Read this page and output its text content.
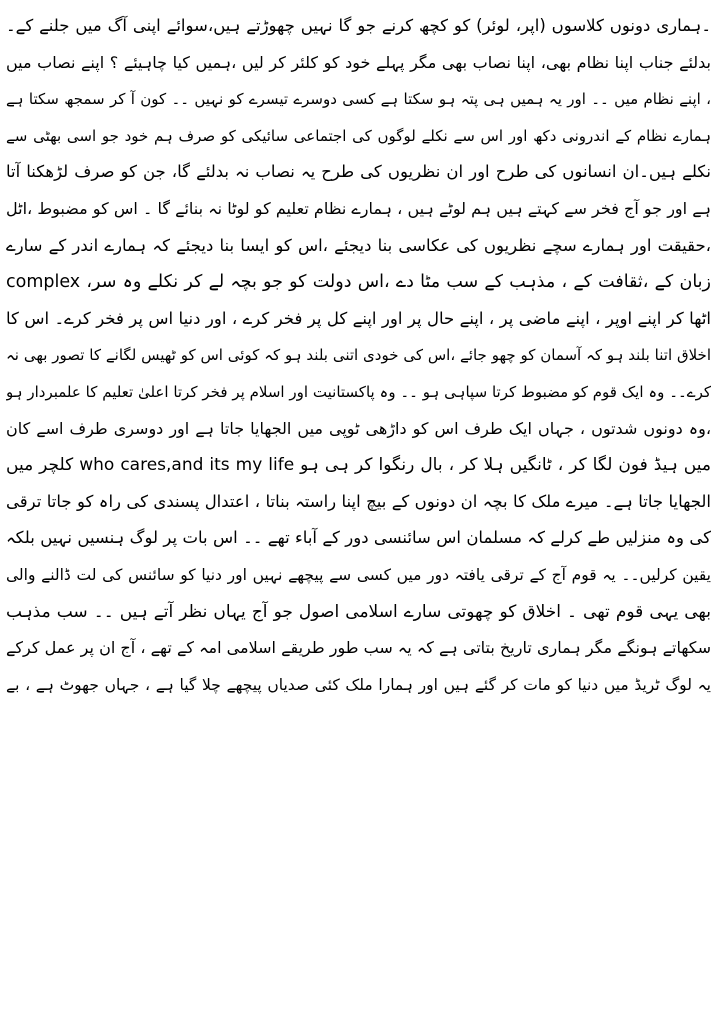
۔ہماری دونوں کلاسوں (اپر، لوئر) کو کچھ کرنے جو گا نہیں چھوڑتے ہیں،سوائے اپنی آگ میں جلنے کے۔
بدلئے جناب اپنا نظام بھی، اپنا نصاب بھی مگر پہلے خود کو کلئر کر لیں ،ہمیں کیا چاہیئے ؟ اپنے نصاب میں
، اپنے نظام میں ۔۔ اور یہ ہمیں ہی پتہ ہو سکتا ہے کسی دوسرے تیسرے کو نہیں ۔۔ کون آ کر سمجھ سکتا ہے
ہمارے نظام کے اندرونی دکھ اور اس سے نکلے لوگوں کی اجتماعی سائیکی کو صرف ہم خود جو اسی بھٹی سے
نکلے ہیں۔ان انسانوں کی طرح اور ان نظریوں کی طرح یہ نصاب نہ بدلئے گا، جن کو صرف لڑھکنا آتا
ہے اور جو آج فخر سے کہتے ہیں ہم لوٹے ہیں ، ہمارے نظام تعلیم کو لوٹا نہ بنائے گا ۔ اس کو مضبوط ،اٹل
،حقیقت اور ہمارے سچے نظریوں کی عکاسی بنا دیجئے ،اس کو ایسا بنا دیجئے کہ ہمارے اندر کے سارے
complex ،زبان کے ،ثقافت کے ، مذہب کے سب مٹا دے ،اس دولت کو جو بچہ لے کر نکلے وہ سر
اٹھا کر اپنے اوپر ، اپنے ماضی پر ، اپنے حال پر اور اپنے کل پر فخر کرے ، اور دنیا اس پر فخر کرے۔ اس کا
اخلاق اتنا بلند ہو کہ آسمان کو چھو جائے ،اس کی خودی اتنی بلند ہو کہ کوئی اس کو ٹھیس لگانے کا تصور بھی نہ
کرے۔۔ وہ ایک قوم کو مضبوط کرتا سپاہی ہو ۔۔ وہ پاکستانیت اور اسلام پر فخر کرتا اعلیٰ تعلیم کا علمبردار ہو
،وہ دونوں شدتوں ، جہاں ایک طرف اس کو داڑھی ٹوپی میں الجھایا جاتا ہے اور دوسری طرف اسے کان
میں ہیڈ فون لگا کر ، ٹانگیں ہلا کر ، بال رنگوا کر ہی ہو who cares,and its my life کلچر میں
الجھایا جاتا ہے۔ میرے ملک کا بچہ ان دونوں کے بیچ اپنا راستہ بناتا ، اعتدال پسندی کی راہ کو جاتا ترقی
کی وہ منزلیں طے کرلے کہ مسلمان اس سائنسی دور کے آباء تھے ۔۔ اس بات پر لوگ ہنسیں نہیں بلکہ
یقین کرلیں۔۔ یہ قوم آج کے ترقی یافتہ دور میں کسی سے پیچھے نہیں اور دنیا کو سائنس کی لت ڈالنے والی
بھی یہی قوم تھی ۔ اخلاق کو چھوتی سارے اسلامی اصول جو آج یہاں نظر آتے ہیں ۔۔ سب مذہب
سکھاتے ہونگے مگر ہماری تاریخ بتاتی ہے کہ یہ سب طور طریقے اسلامی امہ کے تھے ، آج ان پر عمل کرکے
یہ لوگ ٹریڈ میں دنیا کو مات کر گئے ہیں اور ہمارا ملک کئی صدیاں پیچھے چلا گیا ہے ، جہاں جھوٹ ہے ، بے
